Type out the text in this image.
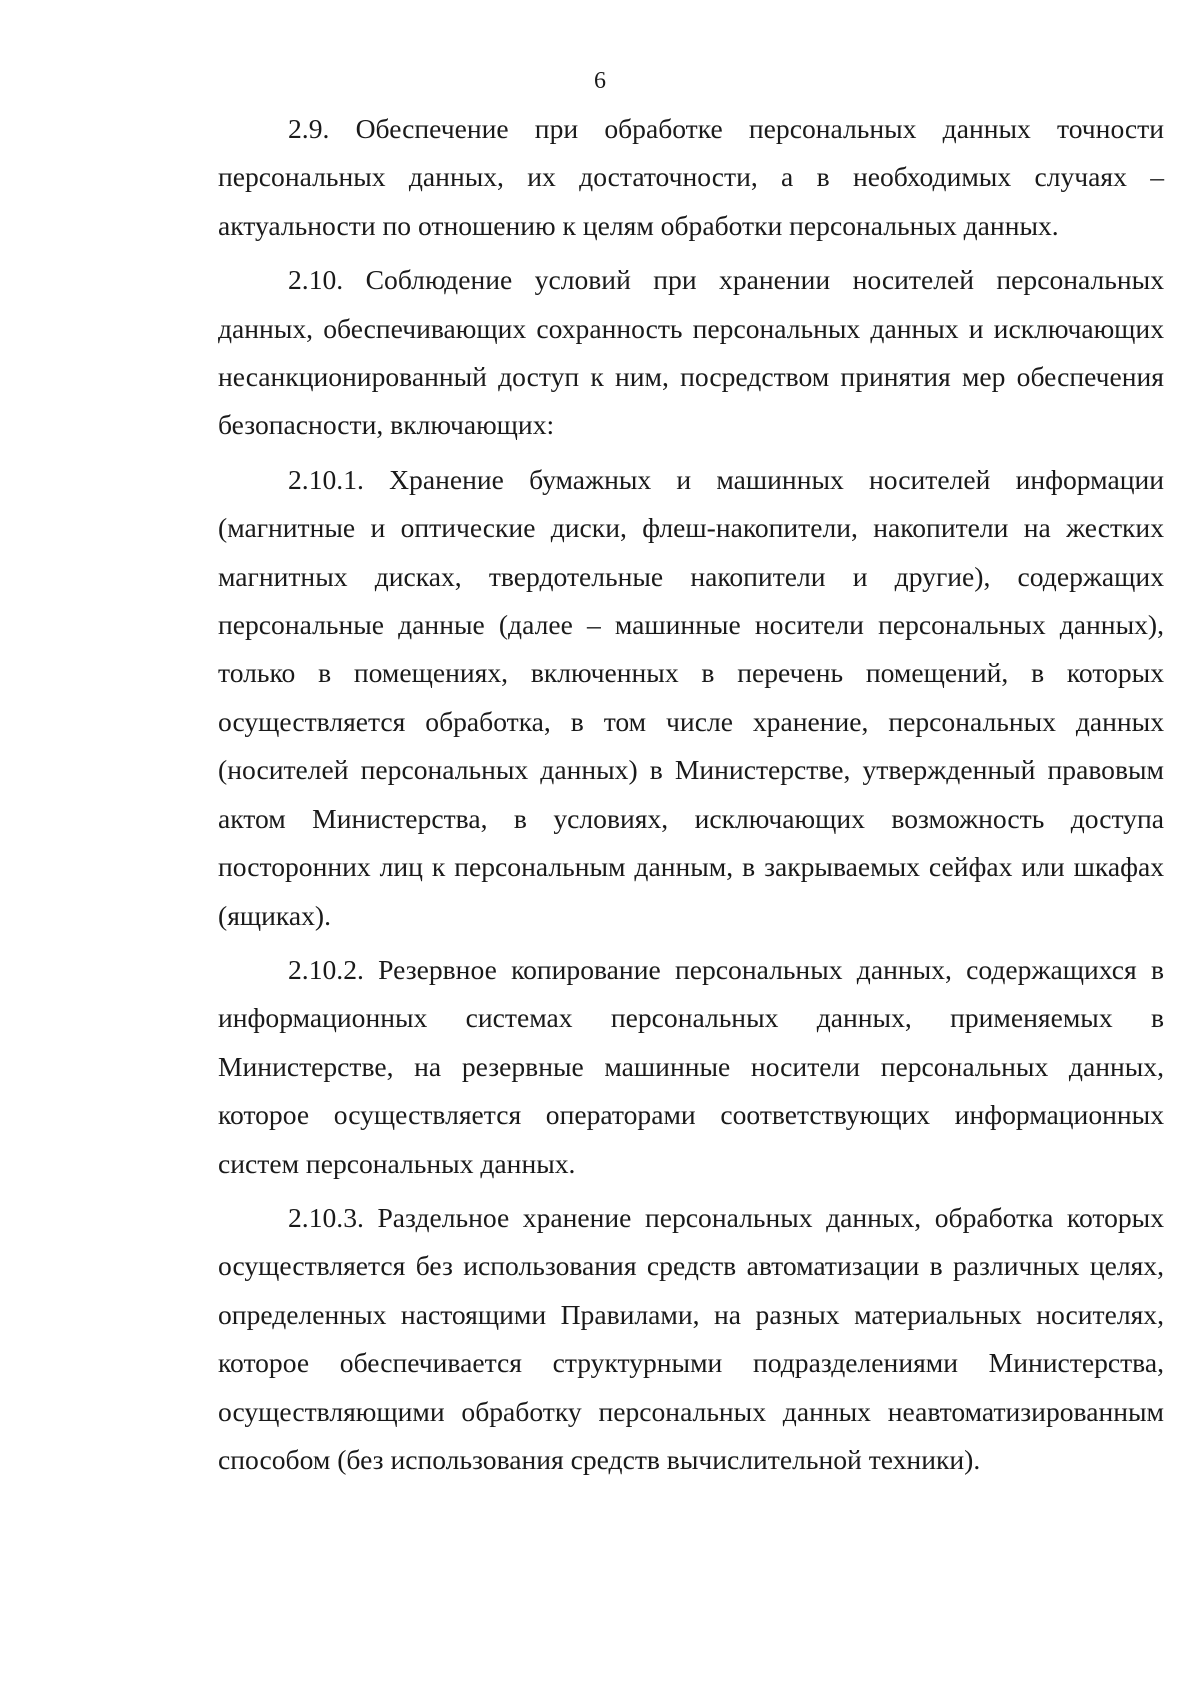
6

2.9. Обеспечение при обработке персональных данных точности персональных данных, их достаточности, а в необходимых случаях – актуальности по отношению к целям обработки персональных данных.

2.10. Соблюдение условий при хранении носителей персональных данных, обеспечивающих сохранность персональных данных и исключающих несанкционированный доступ к ним, посредством принятия мер обеспечения безопасности, включающих:

2.10.1. Хранение бумажных и машинных носителей информации (магнитные и оптические диски, флеш-накопители, накопители на жестких магнитных дисках, твердотельные накопители и другие), содержащих персональные данные (далее – машинные носители персональных данных), только в помещениях, включенных в перечень помещений, в которых осуществляется обработка, в том числе хранение, персональных данных (носителей персональных данных) в Министерстве, утвержденный правовым актом Министерства, в условиях, исключающих возможность доступа посторонних лиц к персональным данным, в закрываемых сейфах или шкафах (ящиках).

2.10.2. Резервное копирование персональных данных, содержащихся в информационных системах персональных данных, применяемых в Министерстве, на резервные машинные носители персональных данных, которое осуществляется операторами соответствующих информационных систем персональных данных.

2.10.3. Раздельное хранение персональных данных, обработка которых осуществляется без использования средств автоматизации в различных целях, определенных настоящими Правилами, на разных материальных носителях, которое обеспечивается структурными подразделениями Министерства, осуществляющими обработку персональных данных неавтоматизированным способом (без использования средств вычислительной техники).
